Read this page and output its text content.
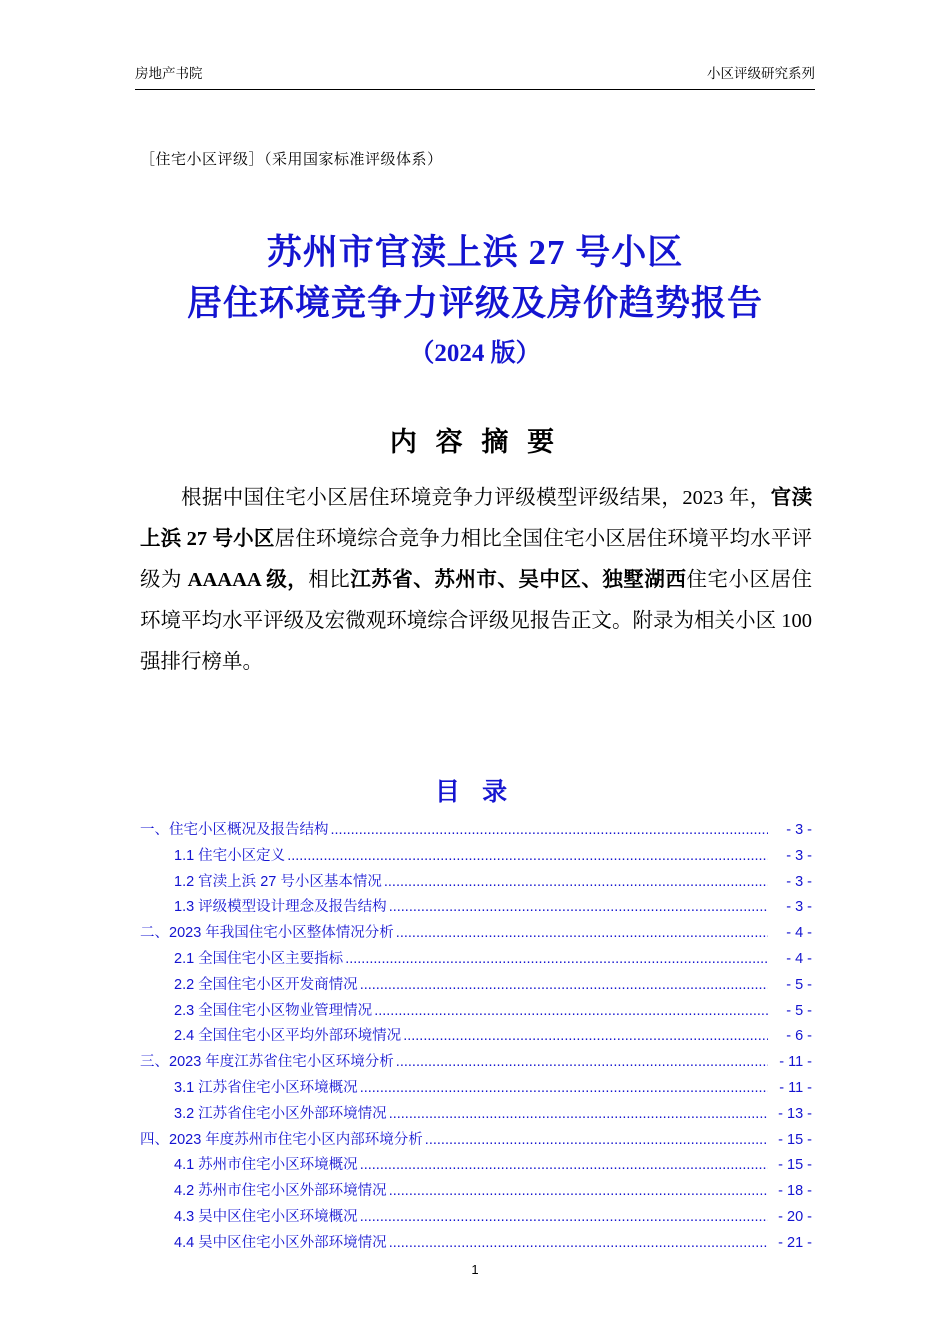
房地产书院	小区评级研究系列
［住宅小区评级］（采用国家标准评级体系）
苏州市官渎上浜 27 号小区
居住环境竞争力评级及房价趋势报告
（2024 版）
内 容 摘 要
根据中国住宅小区居住环境竞争力评级模型评级结果，2023 年，官渎上浜 27 号小区居住环境综合竞争力相比全国住宅小区居住环境平均水平评级为 AAAAA 级，相比江苏省、苏州市、吴中区、独墅湖西住宅小区居住环境平均水平评级及宏微观环境综合评级见报告正文。附录为相关小区 100 强排行榜单。
目 录
一、住宅小区概况及报告结构 .....	- 3 -
1.1 住宅小区定义 .....	- 3 -
1.2 官渎上浜 27 号小区基本情况 .....	- 3 -
1.3 评级模型设计理念及报告结构 .....	- 3 -
二、2023 年我国住宅小区整体情况分析 .....	- 4 -
2.1 全国住宅小区主要指标 .....	- 4 -
2.2 全国住宅小区开发商情况 .....	- 5 -
2.3 全国住宅小区物业管理情况 .....	- 5 -
2.4 全国住宅小区平均外部环境情况 .....	- 6 -
三、2023 年度江苏省住宅小区环境分析 .....	- 11 -
3.1 江苏省住宅小区环境概况 .....	- 11 -
3.2 江苏省住宅小区外部环境情况 .....	- 13 -
四、2023 年度苏州市住宅小区内部环境分析 .....	- 15 -
4.1 苏州市住宅小区环境概况 .....	- 15 -
4.2 苏州市住宅小区外部环境情况 .....	- 18 -
4.3 吴中区住宅小区环境概况 .....	- 20 -
4.4 吴中区住宅小区外部环境情况 .....	- 21 -
1
